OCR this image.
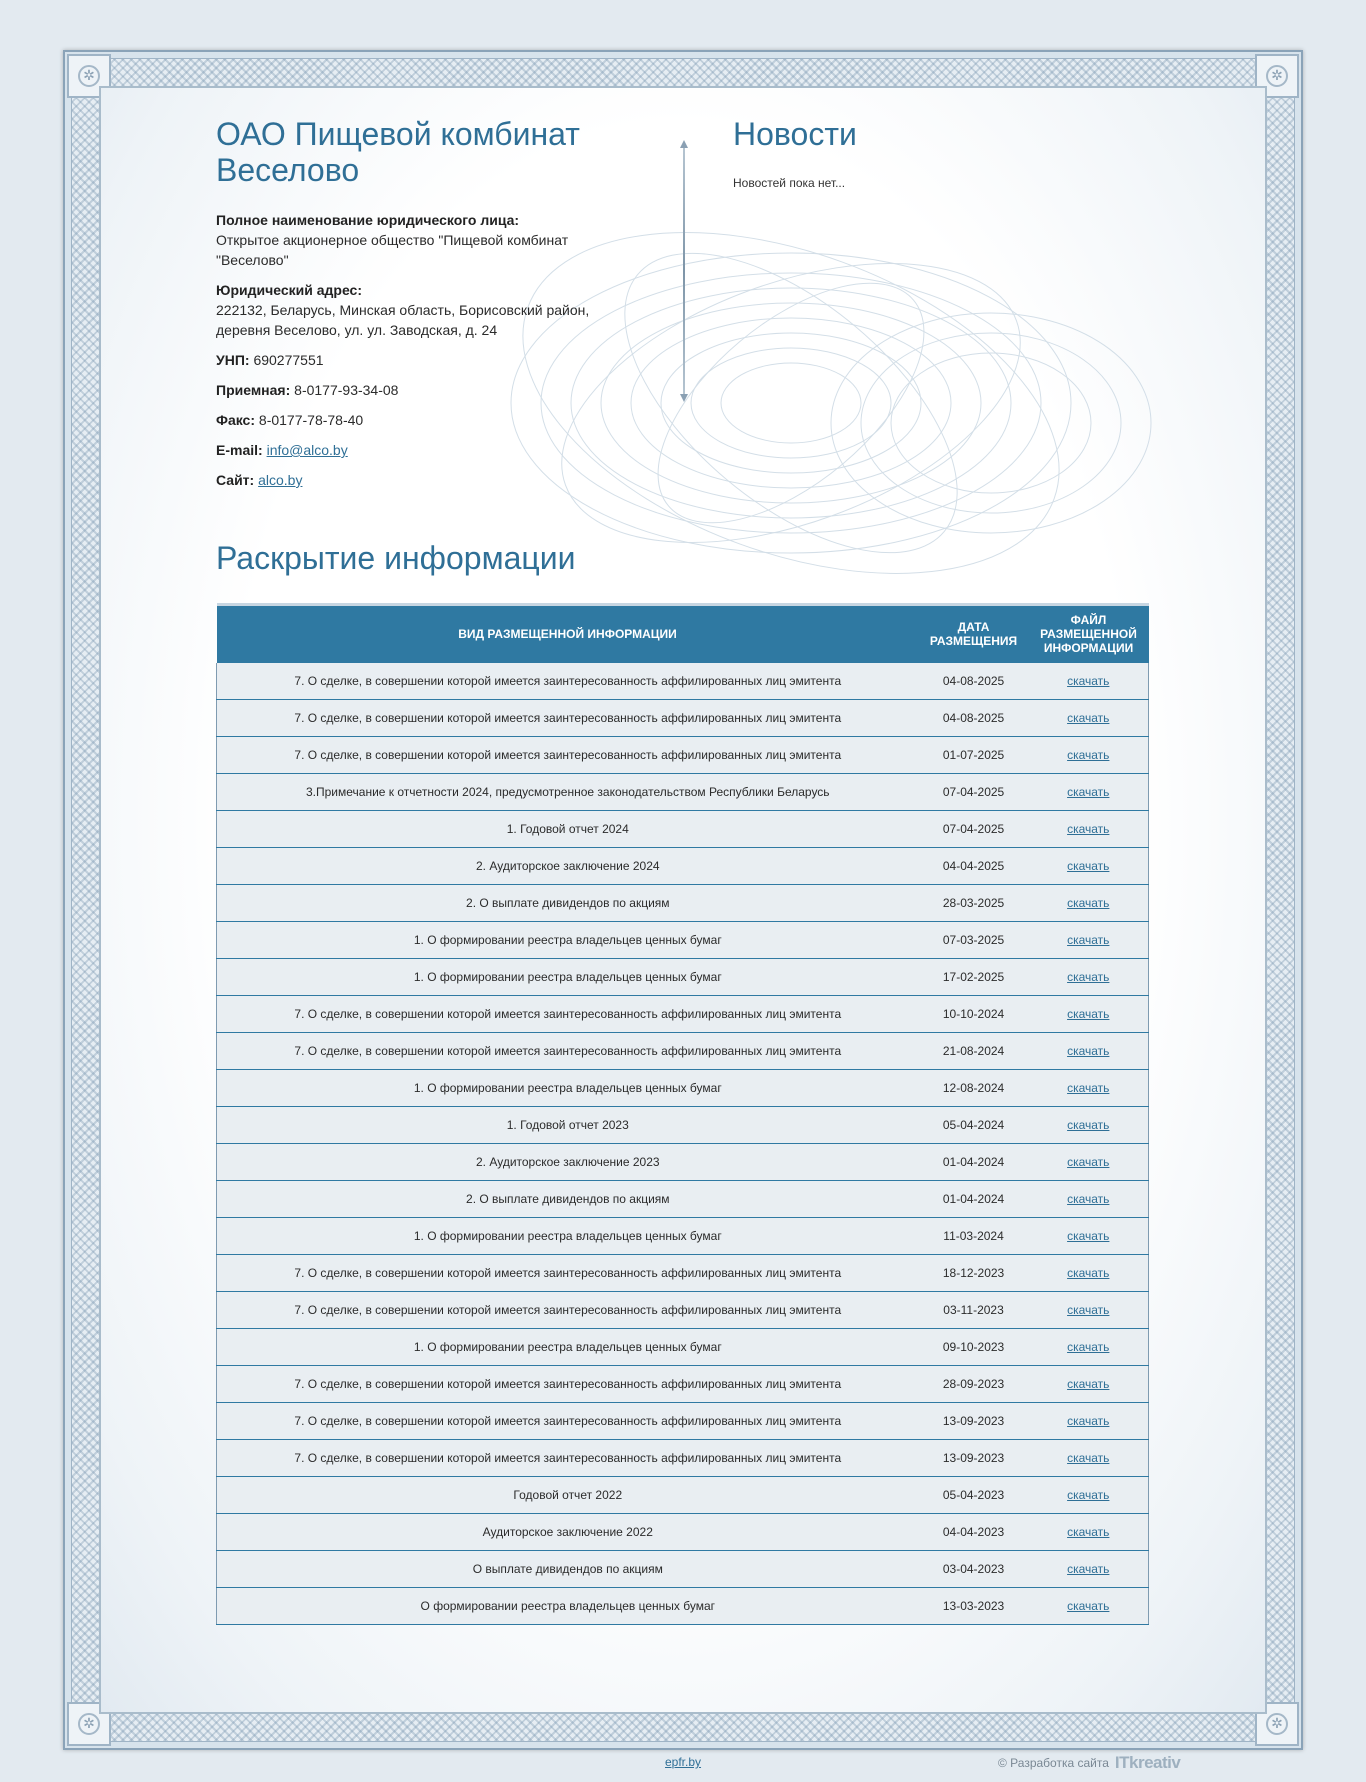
✲	✲
✲	✲
ОАО Пищевой комбинат Веселово

Полное наименование юридического лица:
Открытое акционерное общество "Пищевой комбинат "Веселово"

Юридический адрес:
222132, Беларусь, Минская область, Борисовский район, деревня Веселово, ул. ул. Заводская, д. 24

УНП: 690277551

Приемная: 8-0177-93-34-08

Факс: 8-0177-78-78-40

E-mail: info@alco.by

Сайт: alco.by

Новости
Новостей пока нет...
Раскрытие информации
ВИД РАЗМЕЩЕННОЙ ИНФОРМАЦИИ	ДАТА РАЗМЕЩЕНИЯ	ФАЙЛ РАЗМЕЩЕННОЙ ИНФОРМАЦИИ
7. О сделке, в совершении которой имеется заинтересованность аффилированных лиц эмитента	04-08-2025	скачать
7. О сделке, в совершении которой имеется заинтересованность аффилированных лиц эмитента	04-08-2025	скачать
7. О сделке, в совершении которой имеется заинтересованность аффилированных лиц эмитента	01-07-2025	скачать
3.Примечание к отчетности 2024, предусмотренное законодательством Республики Беларусь	07-04-2025	скачать
1. Годовой отчет 2024	07-04-2025	скачать
2. Аудиторское заключение 2024	04-04-2025	скачать
2. О выплате дивидендов по акциям	28-03-2025	скачать
1. О формировании реестра владельцев ценных бумаг	07-03-2025	скачать
1. О формировании реестра владельцев ценных бумаг	17-02-2025	скачать
7. О сделке, в совершении которой имеется заинтересованность аффилированных лиц эмитента	10-10-2024	скачать
7. О сделке, в совершении которой имеется заинтересованность аффилированных лиц эмитента	21-08-2024	скачать
1. О формировании реестра владельцев ценных бумаг	12-08-2024	скачать
1. Годовой отчет 2023	05-04-2024	скачать
2. Аудиторское заключение 2023	01-04-2024	скачать
2. О выплате дивидендов по акциям	01-04-2024	скачать
1. О формировании реестра владельцев ценных бумаг	11-03-2024	скачать
7. О сделке, в совершении которой имеется заинтересованность аффилированных лиц эмитента	18-12-2023	скачать
7. О сделке, в совершении которой имеется заинтересованность аффилированных лиц эмитента	03-11-2023	скачать
1. О формировании реестра владельцев ценных бумаг	09-10-2023	скачать
7. О сделке, в совершении которой имеется заинтересованность аффилированных лиц эмитента	28-09-2023	скачать
7. О сделке, в совершении которой имеется заинтересованность аффилированных лиц эмитента	13-09-2023	скачать
7. О сделке, в совершении которой имеется заинтересованность аффилированных лиц эмитента	13-09-2023	скачать
Годовой отчет 2022	05-04-2023	скачать
Аудиторское заключение 2022	04-04-2023	скачать
О выплате дивидендов по акциям	03-04-2023	скачать
О формировании реестра владельцев ценных бумаг	13-03-2023	скачать
epfr.by	© Разработка сайта ITkreativ
